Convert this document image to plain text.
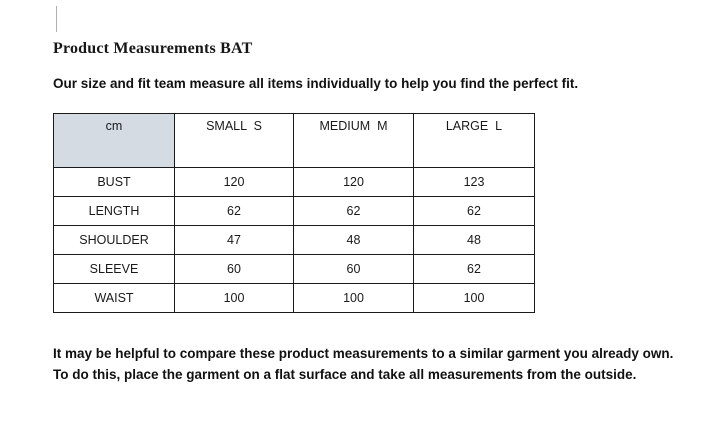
Product Measurements BAT

Our size and fit team measure all items individually to help you find the perfect fit.

cm	SMALL  S	MEDIUM  M	LARGE  L
BUST	120	120	123
LENGTH	62	62	62
SHOULDER	47	48	48
SLEEVE	60	60	62
WAIST	100	100	100

It may be helpful to compare these product measurements to a similar garment you already own.
To do this, place the garment on a flat surface and take all measurements from the outside.
